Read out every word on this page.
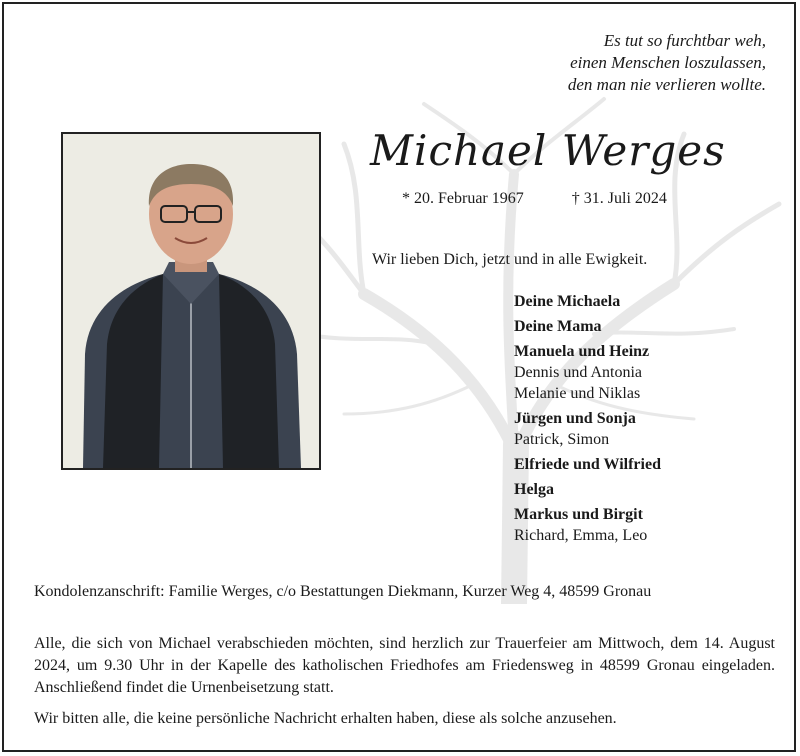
Es tut so furchtbar weh,
einen Menschen loszulassen,
den man nie verlieren wollte.
Michael Werges
* 20. Februar 1967	† 31. Juli 2024
Wir lieben Dich, jetzt und in alle Ewigkeit.
Deine Michaela
Deine Mama
Manuela und Heinz
Dennis und Antonia
Melanie und Niklas
Jürgen und Sonja
Patrick, Simon
Elfriede und Wilfried
Helga
Markus und Birgit
Richard, Emma, Leo
Kondolenzanschrift: Familie Werges, c/o Bestattungen Diekmann, Kurzer Weg 4, 48599 Gronau
Alle, die sich von Michael verabschieden möchten, sind herzlich zur Trauerfeier am Mittwoch, dem 14. August 2024, um 9.30 Uhr in der Kapelle des katholischen Friedhofes am Friedensweg in 48599 Gronau eingeladen. Anschließend findet die Urnenbeisetzung statt.
Wir bitten alle, die keine persönliche Nachricht erhalten haben, diese als solche anzusehen.
